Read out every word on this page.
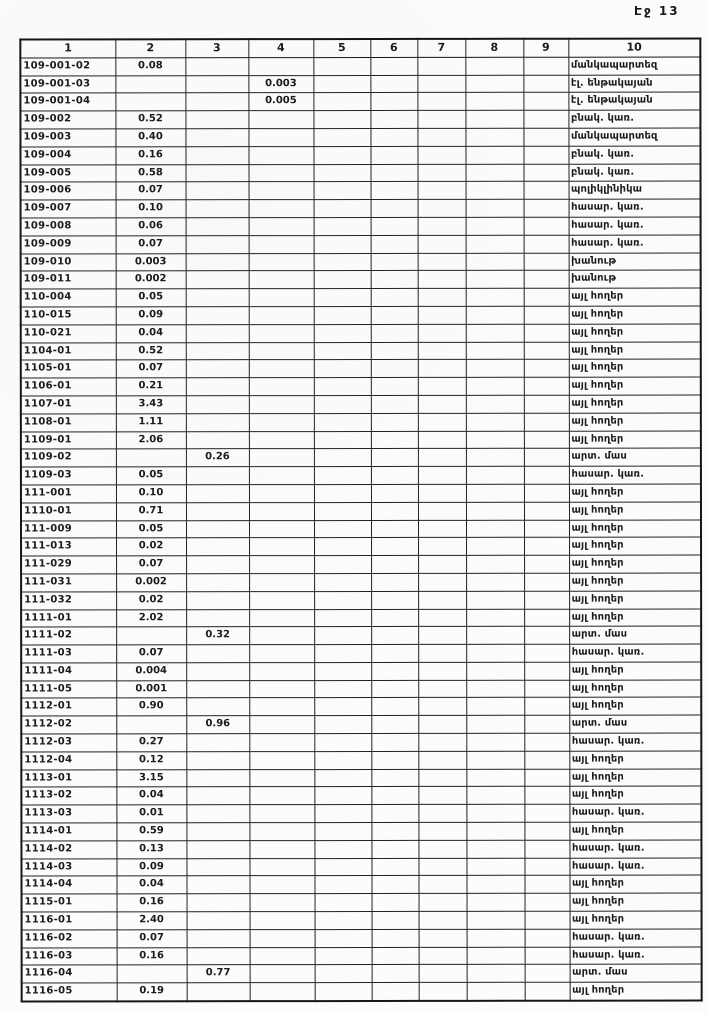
Էջ 13
1	2	3	4	5	6	7	8	9	10
109-001-02	0.08								մանկապարտեզ
109-001-03			0.003						էլ. ենթակայան
109-001-04			0.005						էլ. ենթակայան
109-002	0.52								բնակ. կառ.
109-003	0.40								մանկապարտեզ
109-004	0.16								բնակ. կառ.
109-005	0.58								բնակ. կառ.
109-006	0.07								պոլիկլինիկա
109-007	0.10								հասար. կառ.
109-008	0.06								հասար. կառ.
109-009	0.07								հասար. կառ.
109-010	0.003								խանութ
109-011	0.002								խանութ
110-004	0.05								այլ հողեր
110-015	0.09								այլ հողեր
110-021	0.04								այլ հողեր
1104-01	0.52								այլ հողեր
1105-01	0.07								այլ հողեր
1106-01	0.21								այլ հողեր
1107-01	3.43								այլ հողեր
1108-01	1.11								այլ հողեր
1109-01	2.06								այլ հողեր
1109-02		0.26							արտ. մաս
1109-03	0.05								հասար. կառ.
111-001	0.10								այլ հողեր
1110-01	0.71								այլ հողեր
111-009	0.05								այլ հողեր
111-013	0.02								այլ հողեր
111-029	0.07								այլ հողեր
111-031	0.002								այլ հողեր
111-032	0.02								այլ հողեր
1111-01	2.02								այլ հողեր
1111-02		0.32							արտ. մաս
1111-03	0.07								հասար. կառ.
1111-04	0.004								այլ հողեր
1111-05	0.001								այլ հողեր
1112-01	0.90								այլ հողեր
1112-02		0.96							արտ. մաս
1112-03	0.27								հասար. կառ.
1112-04	0.12								այլ հողեր
1113-01	3.15								այլ հողեր
1113-02	0.04								այլ հողեր
1113-03	0.01								հասար. կառ.
1114-01	0.59								այլ հողեր
1114-02	0.13								հասար. կառ.
1114-03	0.09								հասար. կառ.
1114-04	0.04								այլ հողեր
1115-01	0.16								այլ հողեր
1116-01	2.40								այլ հողեր
1116-02	0.07								հասար. կառ.
1116-03	0.16								հասար. կառ.
1116-04		0.77							արտ. մաս
1116-05	0.19								այլ հողեր
